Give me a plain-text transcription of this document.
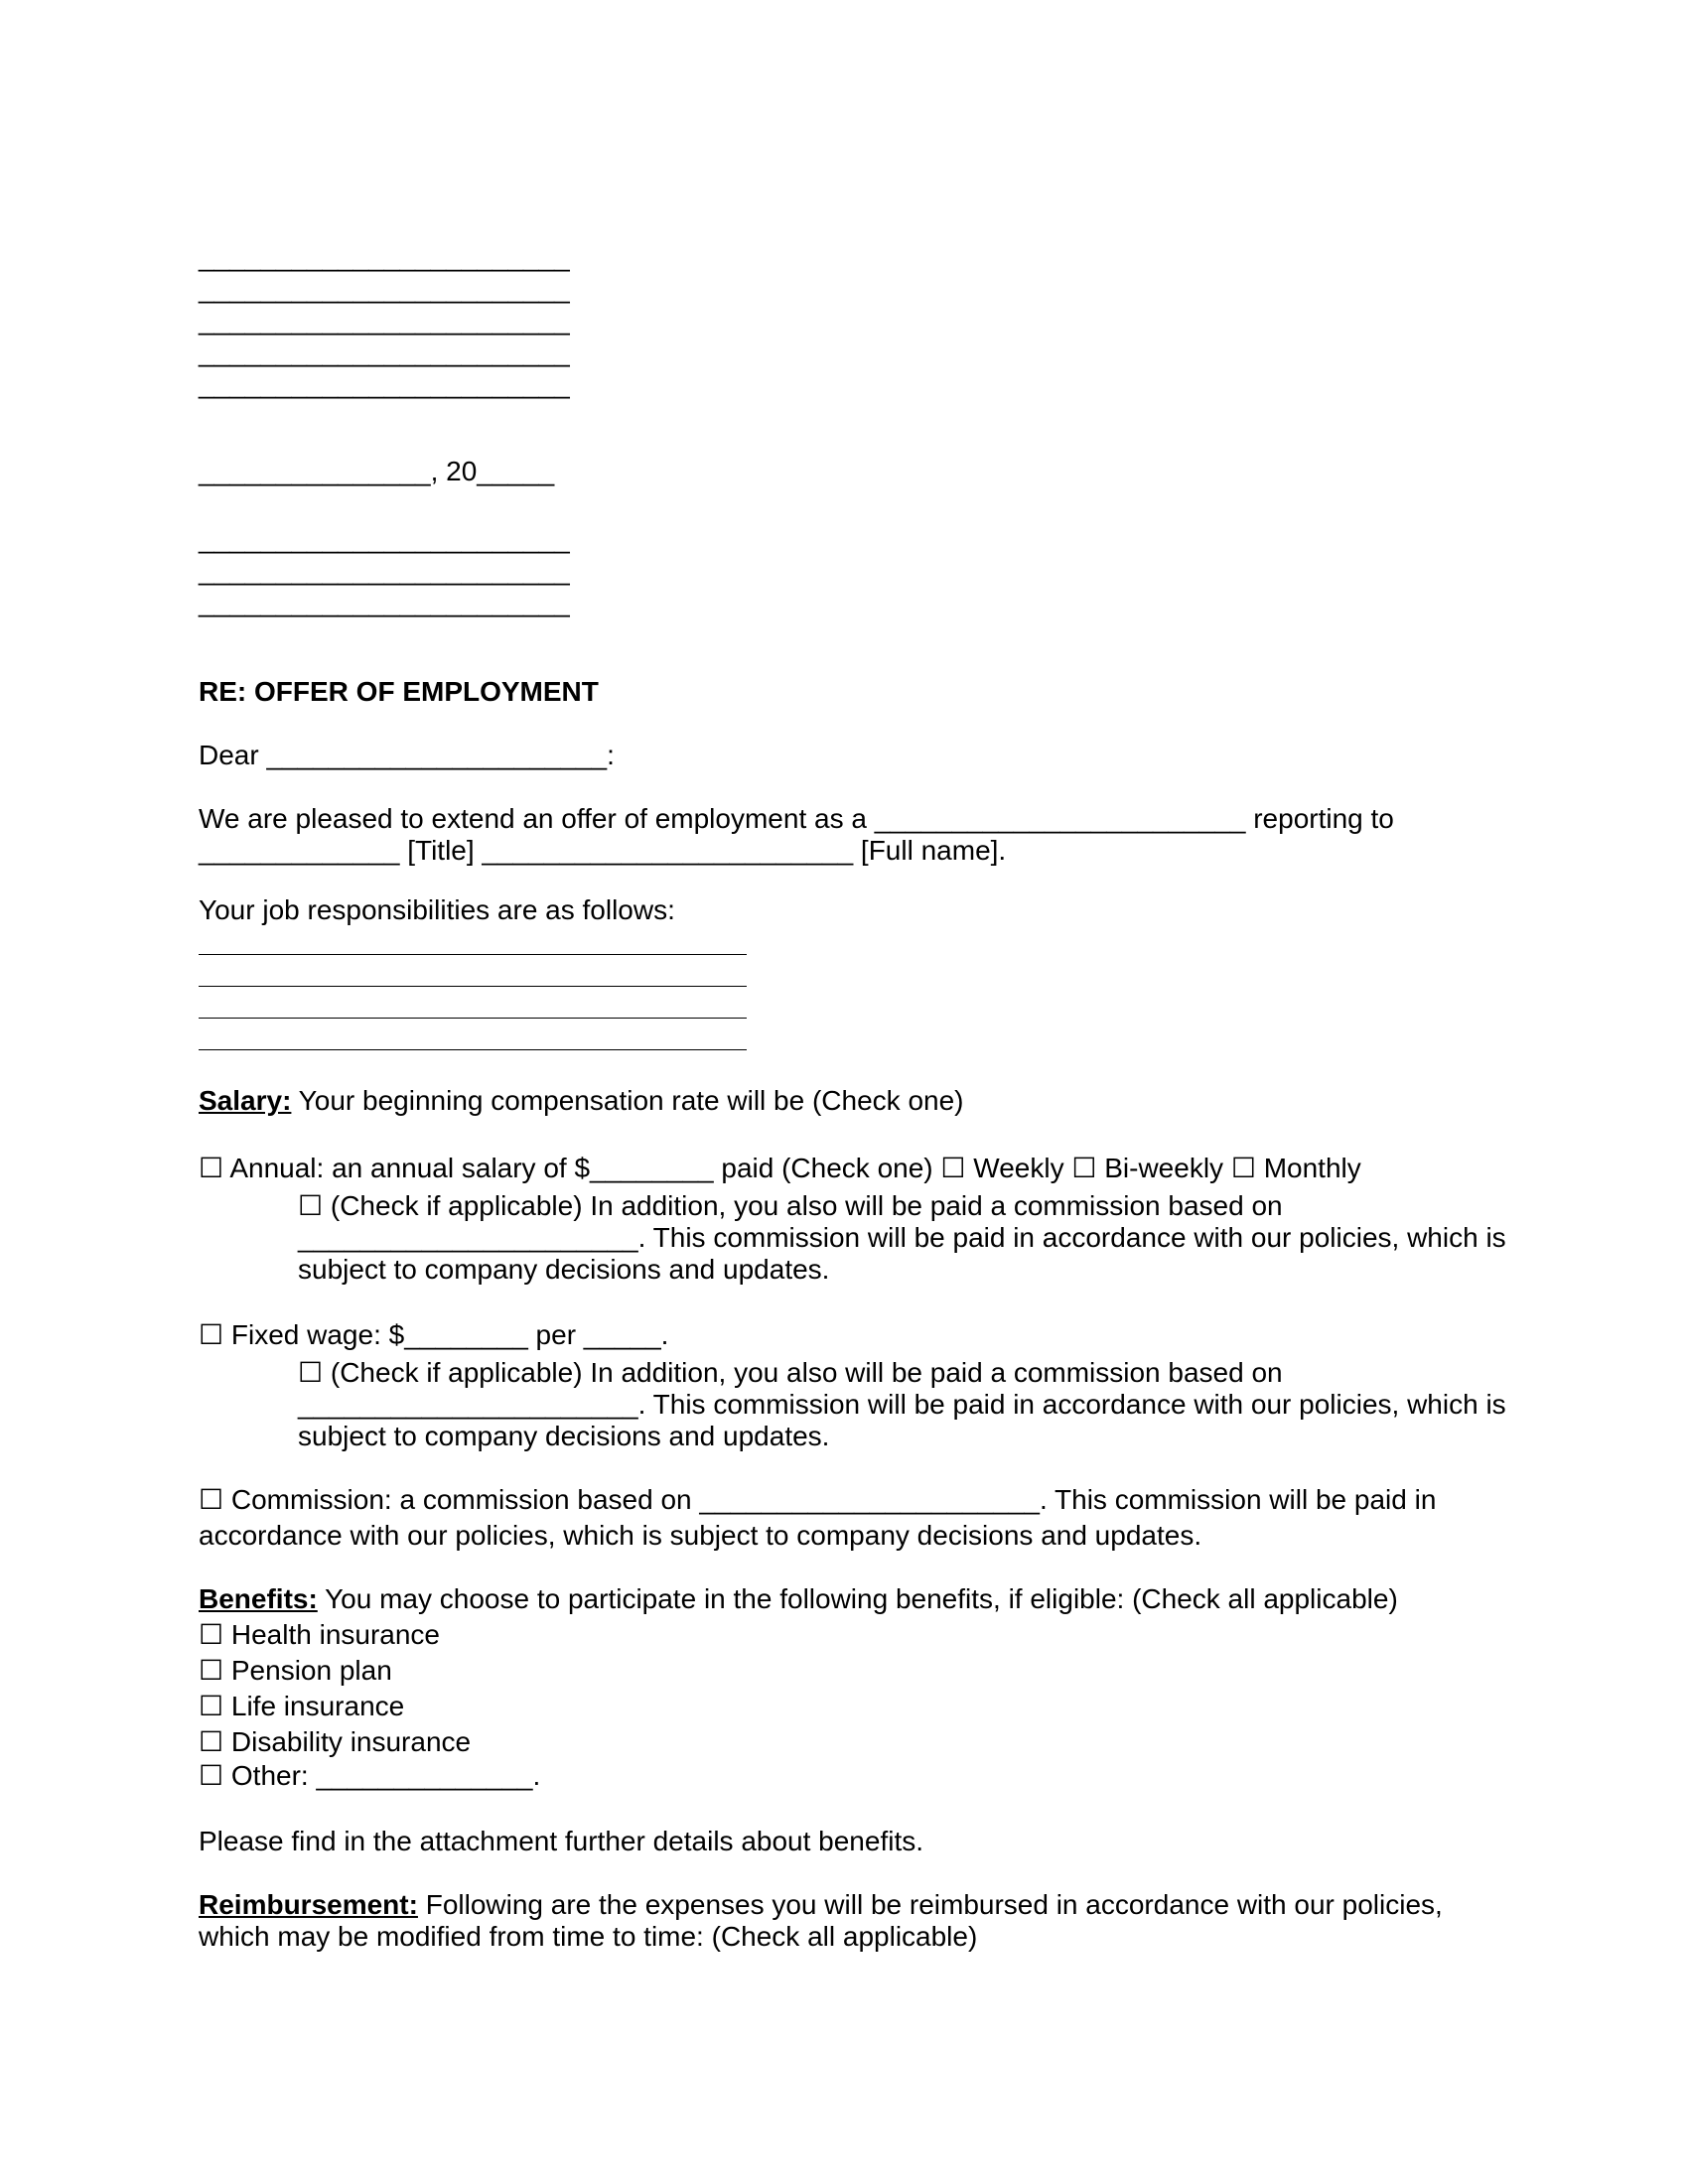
________________________
________________________
________________________
________________________
________________________
_______________, 20_____
________________________
________________________
________________________
RE: OFFER OF EMPLOYMENT
Dear ______________________:
We are pleased to extend an offer of employment as a ________________________ reporting to
_____________ [Title] ________________________ [Full name].
Your job responsibilities are as follows:
Salary: Your beginning compensation rate will be (Check one)
☐ Annual: an annual salary of $________ paid (Check one) ☐ Weekly ☐ Bi-weekly ☐ Monthly
☐ (Check if applicable) In addition, you also will be paid a commission based on
______________________. This commission will be paid in accordance with our policies, which is
subject to company decisions and updates.
☐ Fixed wage: $________ per _____.
☐ (Check if applicable) In addition, you also will be paid a commission based on
______________________. This commission will be paid in accordance with our policies, which is
subject to company decisions and updates.
☐ Commission: a commission based on ______________________. This commission will be paid in
accordance with our policies, which is subject to company decisions and updates.
Benefits: You may choose to participate in the following benefits, if eligible: (Check all applicable)
☐ Health insurance
☐ Pension plan
☐ Life insurance
☐ Disability insurance
☐ Other: ______________.
Please find in the attachment further details about benefits.
Reimbursement: Following are the expenses you will be reimbursed in accordance with our policies,
which may be modified from time to time: (Check all applicable)
